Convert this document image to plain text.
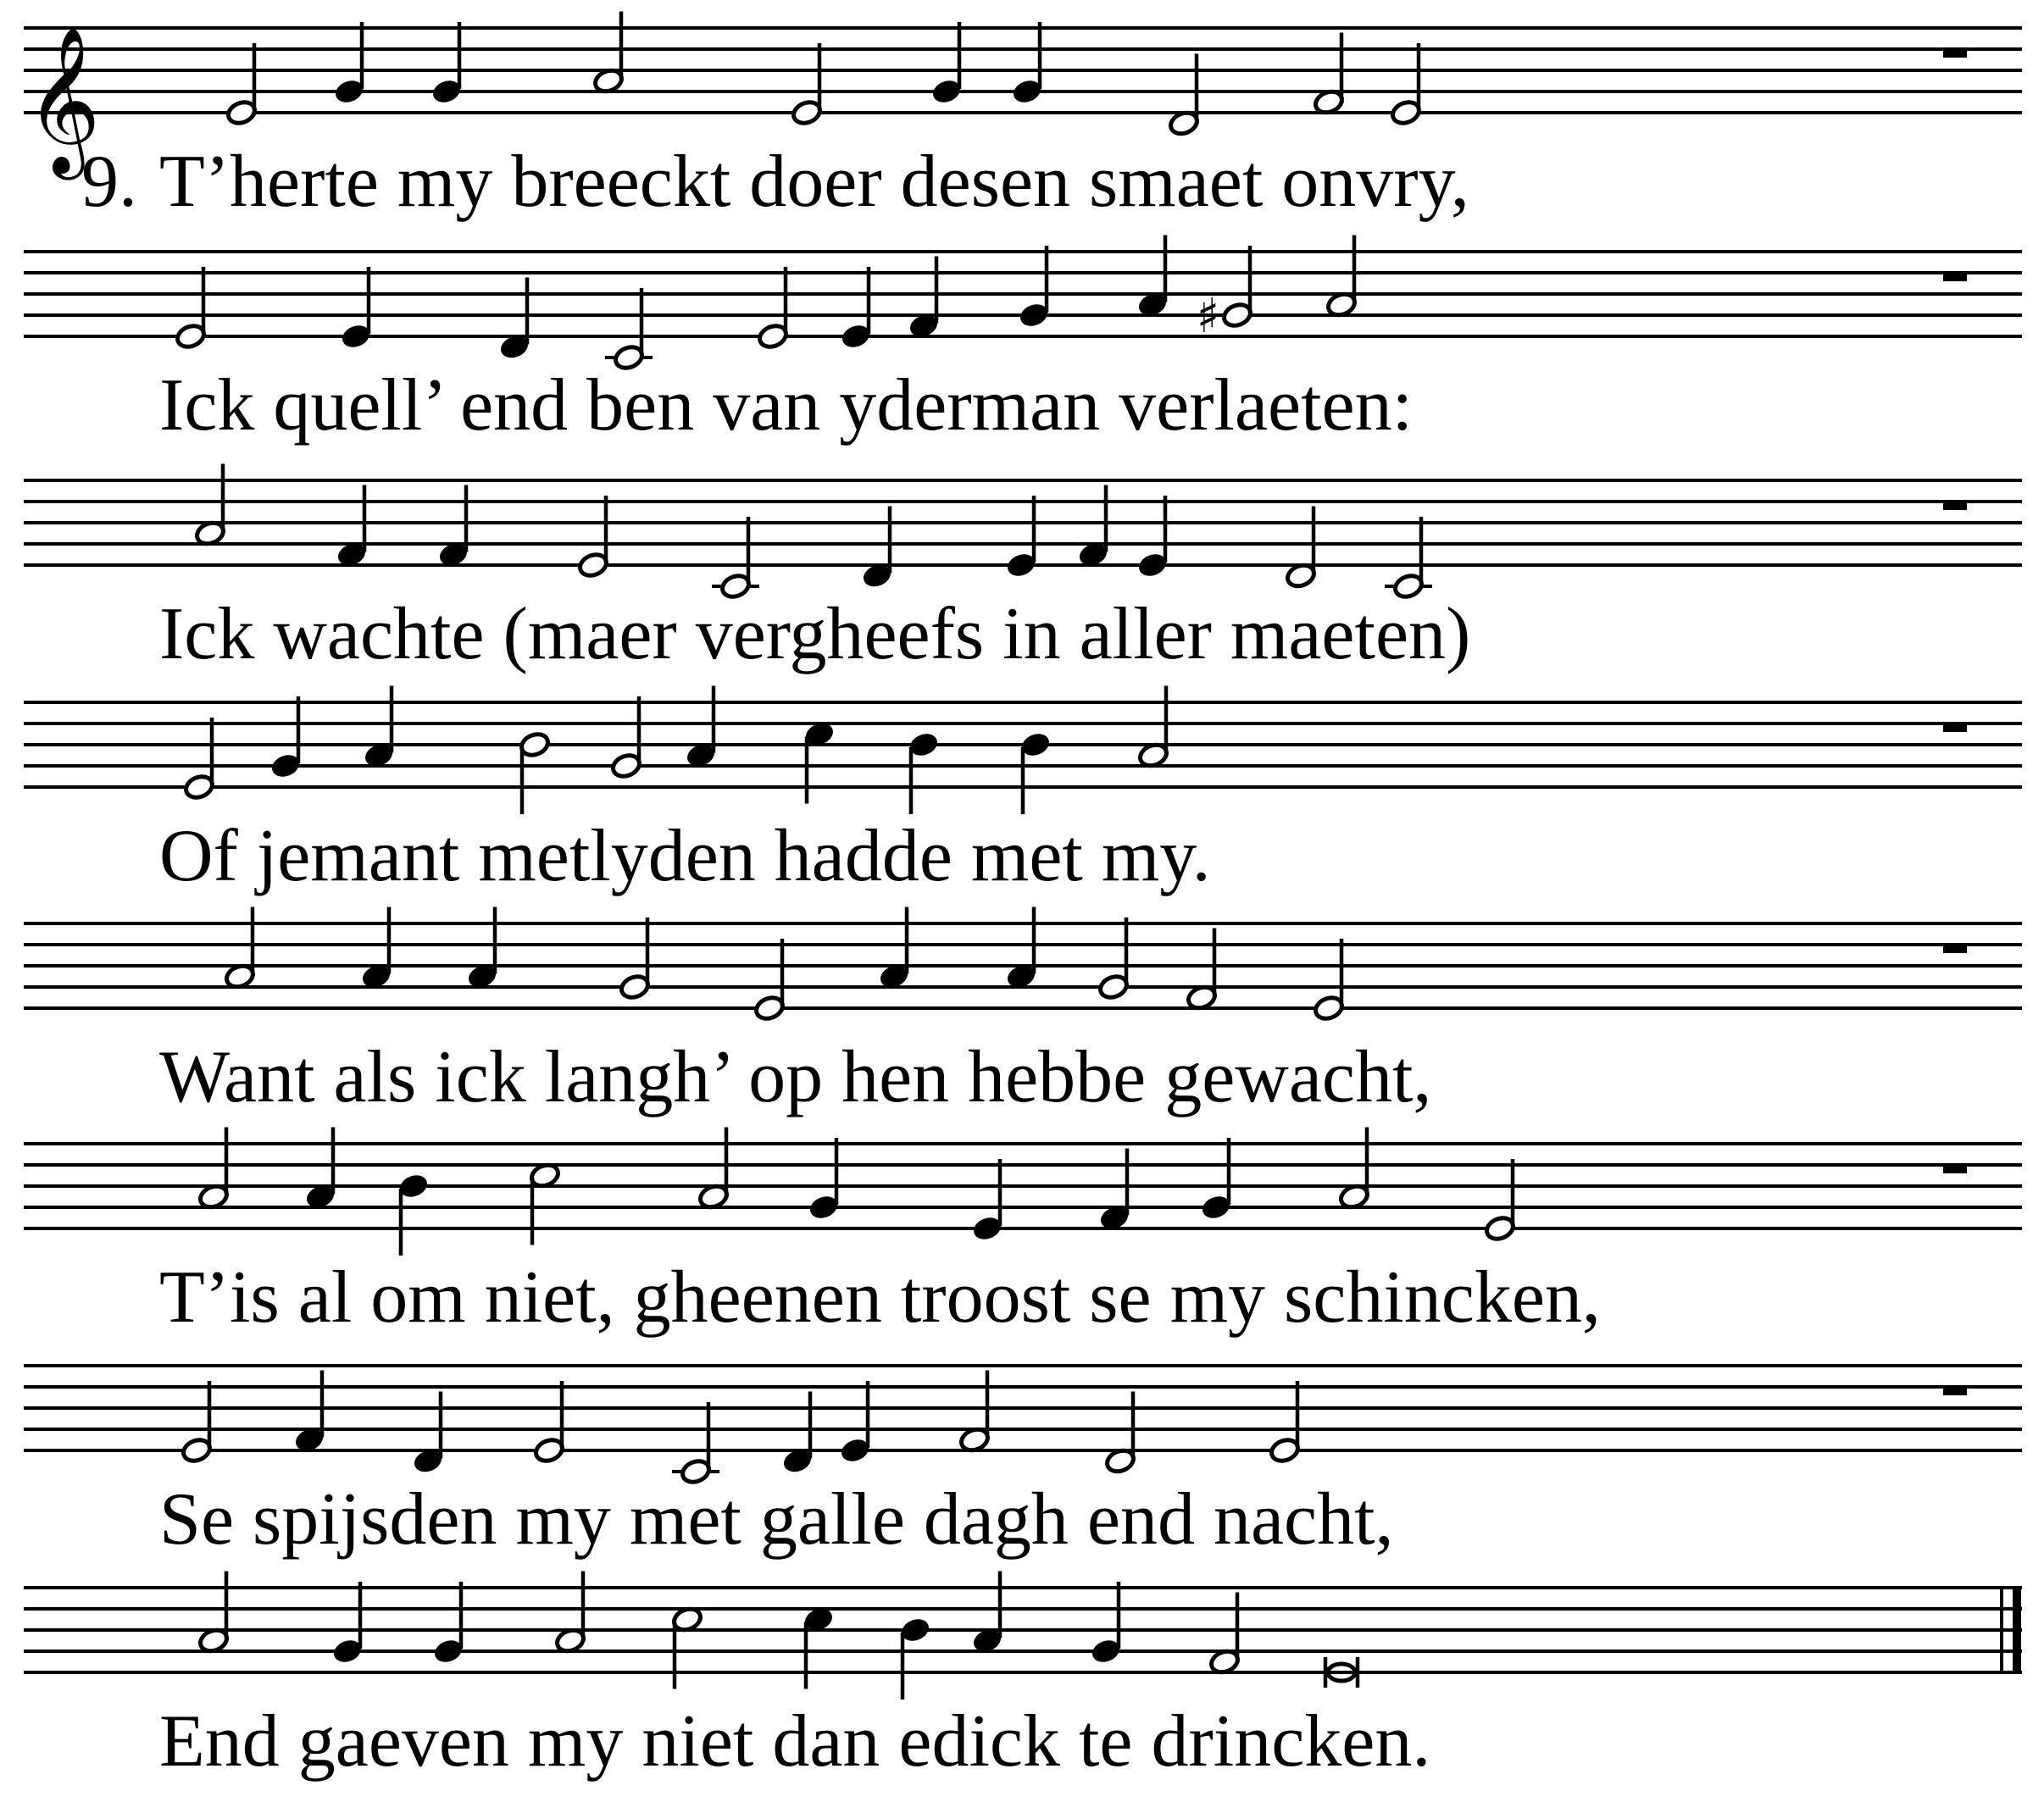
𝄞
9. T’herte my breeckt doer desen smaet onvry,
♯
Ick quell’ end ben van yderman verlaeten:
Ick wachte (maer vergheefs in aller maeten)
Of jemant metlyden hadde met my.
Want als ick langh’ op hen hebbe gewacht,
T’is al om niet, gheenen troost se my schincken,
Se spijsden my met galle dagh end nacht,
End gaeven my niet dan edick te drincken.
